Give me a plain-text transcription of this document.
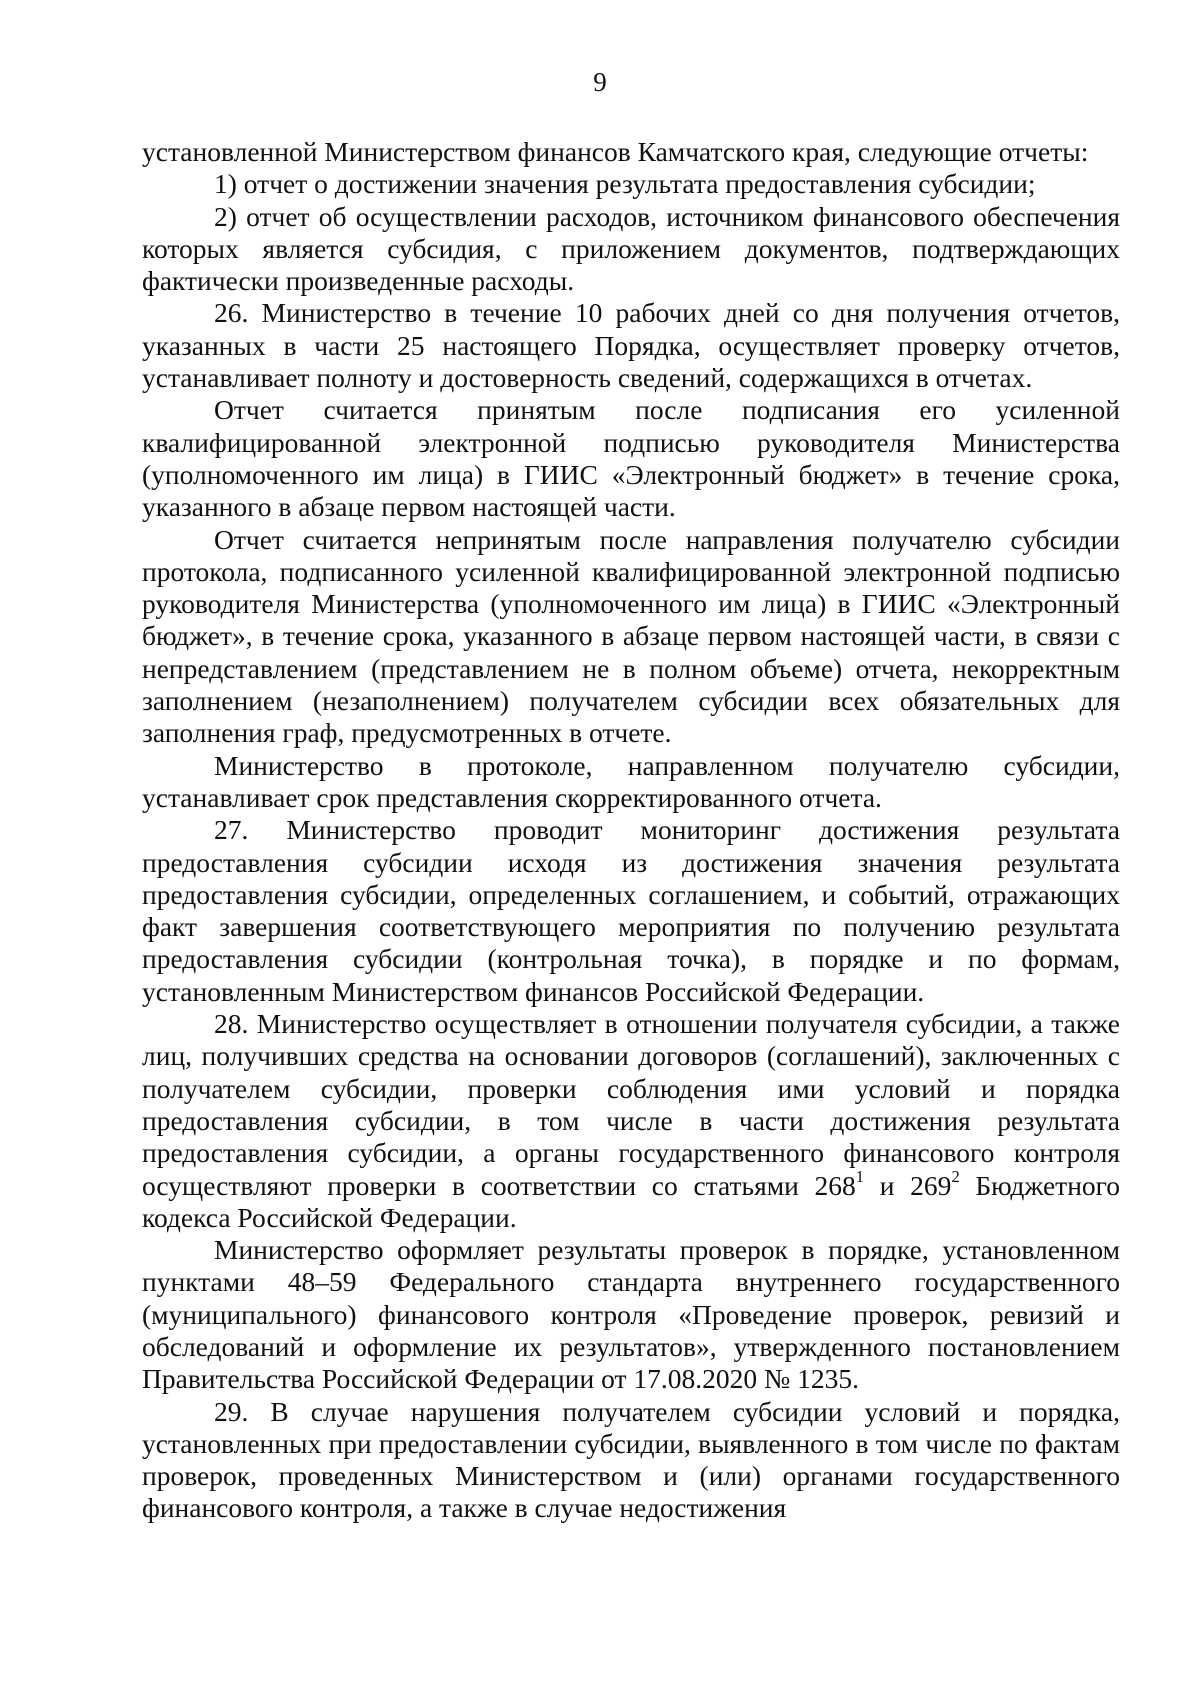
9

установленной Министерством финансов Камчатского края, следующие отчеты:

1) отчет о достижении значения результата предоставления субсидии;

2) отчет об осуществлении расходов, источником финансового обеспечения которых является субсидия, с приложением документов, подтверждающих фактически произведенные расходы.

26. Министерство в течение 10 рабочих дней со дня получения отчетов, указанных в части 25 настоящего Порядка, осуществляет проверку отчетов, устанавливает полноту и достоверность сведений, содержащихся в отчетах.

Отчет считается принятым после подписания его усиленной квалифицированной электронной подписью руководителя Министерства (уполномоченного им лица) в ГИИС «Электронный бюджет» в течение срока, указанного в абзаце первом настоящей части.

Отчет считается непринятым после направления получателю субсидии протокола, подписанного усиленной квалифицированной электронной подписью руководителя Министерства (уполномоченного им лица) в ГИИС «Электронный бюджет», в течение срока, указанного в абзаце первом настоящей части, в связи с непредставлением (представлением не в полном объеме) отчета, некорректным заполнением (незаполнением) получателем субсидии всех обязательных для заполнения граф, предусмотренных в отчете.

Министерство в протоколе, направленном получателю субсидии, устанавливает срок представления скорректированного отчета.

27. Министерство проводит мониторинг достижения результата предоставления субсидии исходя из достижения значения результата предоставления субсидии, определенных соглашением, и событий, отражающих факт завершения соответствующего мероприятия по получению результата предоставления субсидии (контрольная точка), в порядке и по формам, установленным Министерством финансов Российской Федерации.

28. Министерство осуществляет в отношении получателя субсидии, а также лиц, получивших средства на основании договоров (соглашений), заключенных с получателем субсидии, проверки соблюдения ими условий и порядка предоставления субсидии, в том числе в части достижения результата предоставления субсидии, а органы государственного финансового контроля осуществляют проверки в соответствии со статьями $268^1$ и $269^2$ Бюджетного кодекса Российской Федерации.

Министерство оформляет результаты проверок в порядке, установленном пунктами 48–59 Федерального стандарта внутреннего государственного (муниципального) финансового контроля «Проведение проверок, ревизий и обследований и оформление их результатов», утвержденного постановлением Правительства Российской Федерации от 17.08.2020 № 1235.

29. В случае нарушения получателем субсидии условий и порядка, установленных при предоставлении субсидии, выявленного в том числе по фактам проверок, проведенных Министерством и (или) органами государственного финансового контроля, а также в случае недостижения
